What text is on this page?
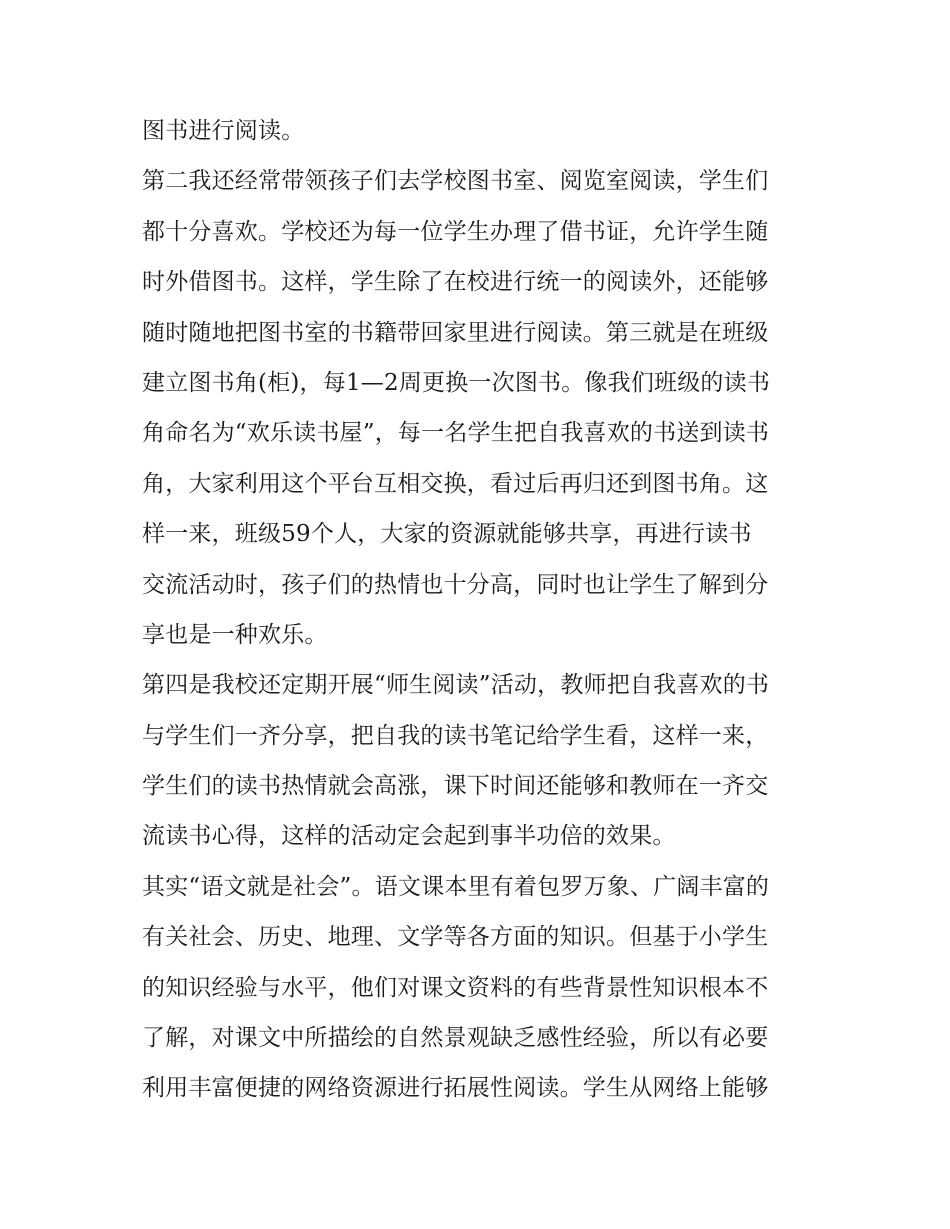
图书进行阅读。
第二我还经常带领孩子们去学校图书室、阅览室阅读，学生们
都十分喜欢。学校还为每一位学生办理了借书证，允许学生随
时外借图书。这样，学生除了在校进行统一的阅读外，还能够
随时随地把图书室的书籍带回家里进行阅读。第三就是在班级
建立图书角(柜)，每1—2周更换一次图书。像我们班级的读书
角命名为“欢乐读书屋”，每一名学生把自我喜欢的书送到读书
角，大家利用这个平台互相交换，看过后再归还到图书角。这
样一来，班级59个人，大家的资源就能够共享，再进行读书
交流活动时，孩子们的热情也十分高，同时也让学生了解到分
享也是一种欢乐。
第四是我校还定期开展“师生阅读”活动，教师把自我喜欢的书
与学生们一齐分享，把自我的读书笔记给学生看，这样一来，
学生们的读书热情就会高涨，课下时间还能够和教师在一齐交
流读书心得，这样的活动定会起到事半功倍的效果。
其实“语文就是社会”。语文课本里有着包罗万象、广阔丰富的
有关社会、历史、地理、文学等各方面的知识。但基于小学生
的知识经验与水平，他们对课文资料的有些背景性知识根本不
了解，对课文中所描绘的自然景观缺乏感性经验，所以有必要
利用丰富便捷的网络资源进行拓展性阅读。学生从网络上能够
